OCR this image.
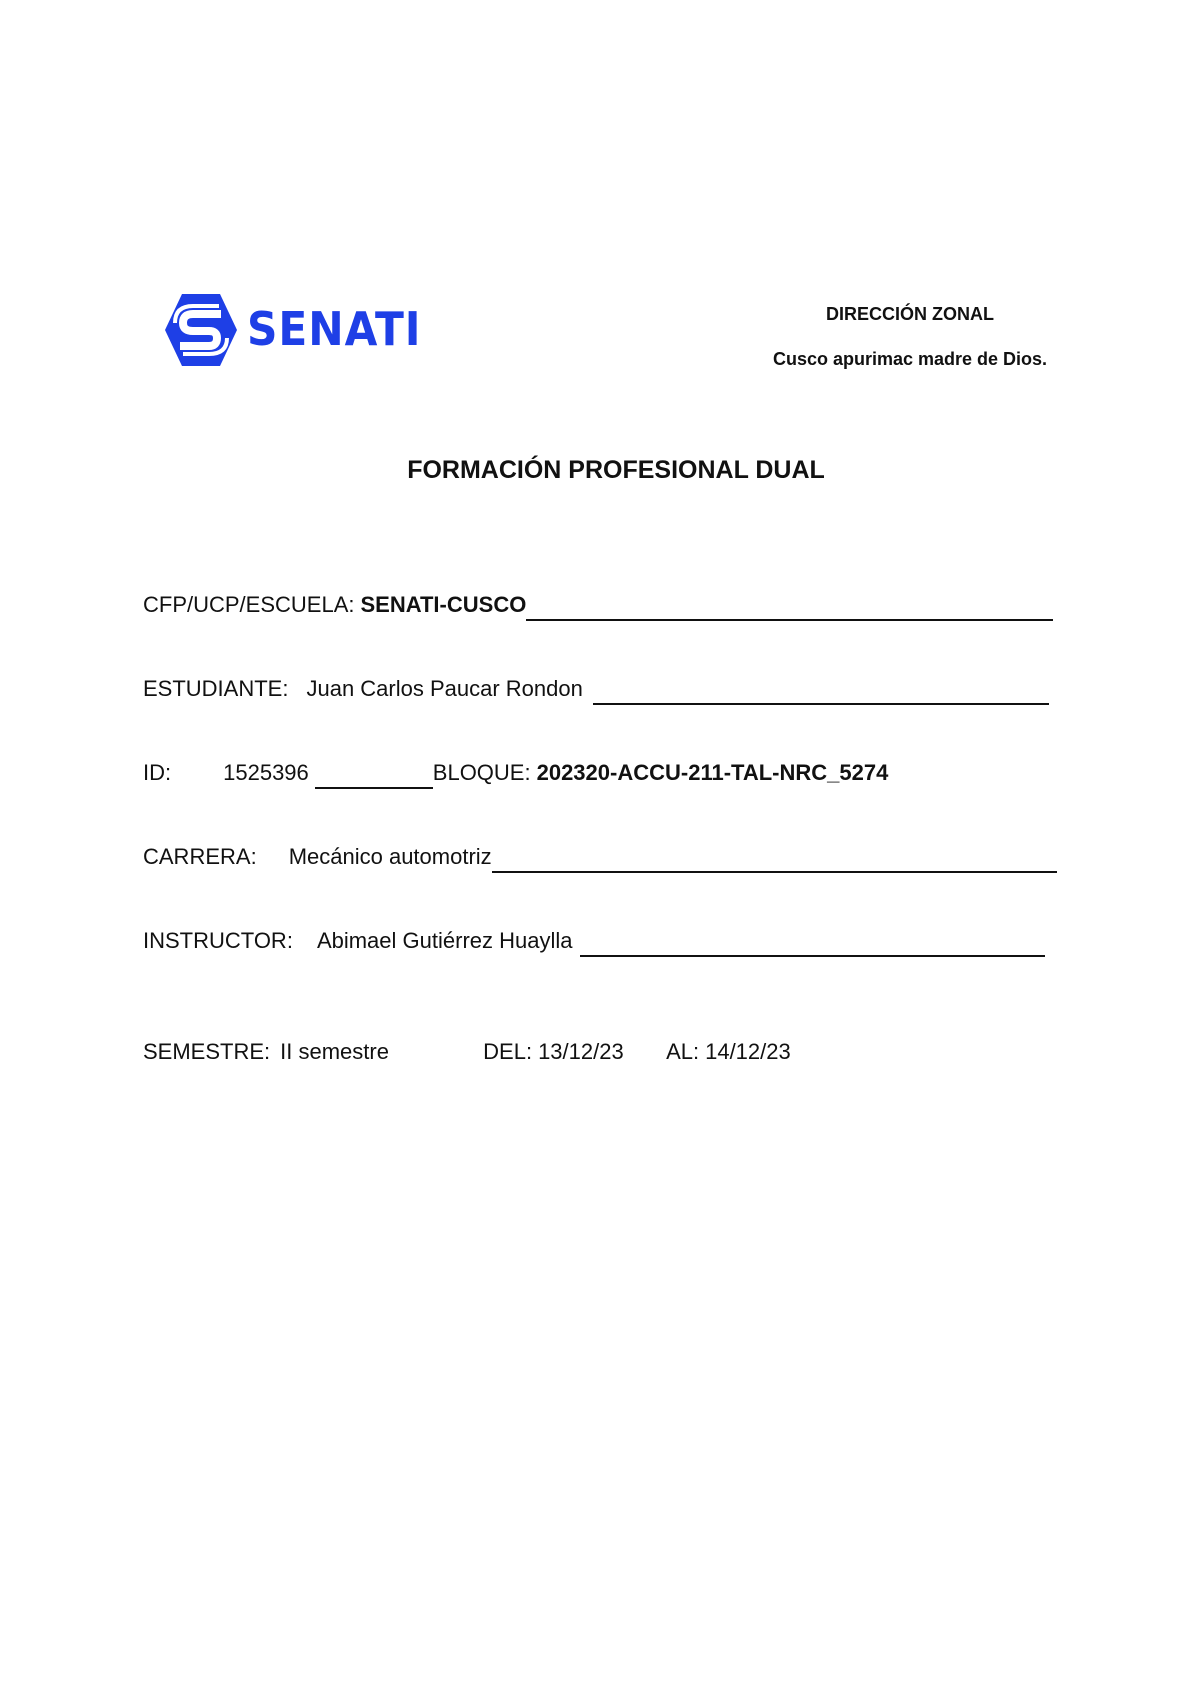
SENATI	DIRECCIÓN ZONAL
Cusco apurimac madre de Dios.
FORMACIÓN PROFESIONAL DUAL
CFP/UCP/ESCUELA: SENATI-CUSCO
ESTUDIANTE: Juan Carlos Paucar Rondon
ID: 1525396	BLOQUE: 202320-ACCU-211-TAL-NRC_5274
CARRERA: Mecánico automotriz
INSTRUCTOR: Abimael Gutiérrez Huaylla
SEMESTRE: II semestre	DEL: 13/12/23	AL: 14/12/23
